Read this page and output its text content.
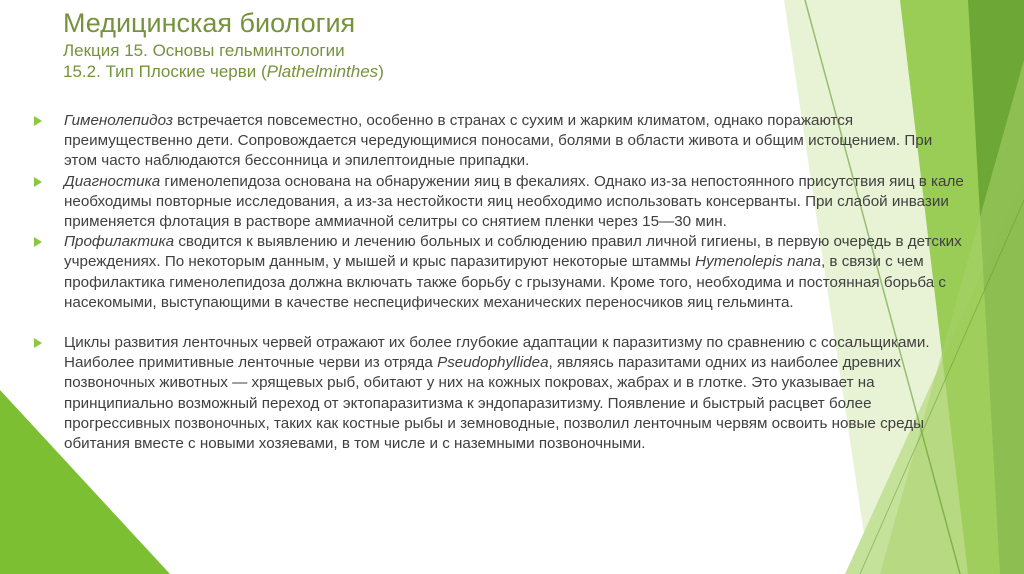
Медицинская биология
Лекция 15. Основы гельминтологии
15.2. Тип Плоские черви (Plathelminthes)
Гименолепидоз встречается повсеместно, особенно в странах с сухим и жарким климатом, однако поражаются преимущественно дети. Сопровождается чередующимися поносами, болями в области живота и общим истощением. При этом часто наблюдаются бессонница и эпилептоидные припадки.
Диагностика гименолепидоза основана на обнаружении яиц в фекалиях. Однако из-за непостоянного присутствия яиц в кале необходимы повторные исследования, а из-за нестойкости яиц необходимо использовать консерванты. При слабой инвазии применяется флотация в растворе аммиачной селитры со снятием пленки через 15—30 мин.
Профилактика сводится к выявлению и лечению больных и соблюдению правил личной гигиены, в первую очередь в детских учреждениях. По некоторым данным, у мышей и крыс паразитируют некоторые штаммы Hymenolepis nana, в связи с чем профилактика гименолепидоза должна включать также борьбу с грызунами. Кроме того, необходима и постоянная борьба с насекомыми, выступающими в качестве неспецифических механических переносчиков яиц гельминта.
Циклы развития ленточных червей отражают их более глубокие адаптации к паразитизму по сравнению с сосальщиками. Наиболее примитивные ленточные черви из отряда Pseudophyllidea, являясь паразитами одних из наиболее древних позвоночных животных — хрящевых рыб, обитают у них на кожных покровах, жабрах и в глотке. Это указывает на принципиально возможный переход от эктопаразитизма к эндопаразитизму. Появление и быстрый расцвет более прогрессивных позвоночных, таких как костные рыбы и земноводные, позволил ленточным червям освоить новые среды обитания вместе с новыми хозяевами, в том числе и с наземными позвоночными.
